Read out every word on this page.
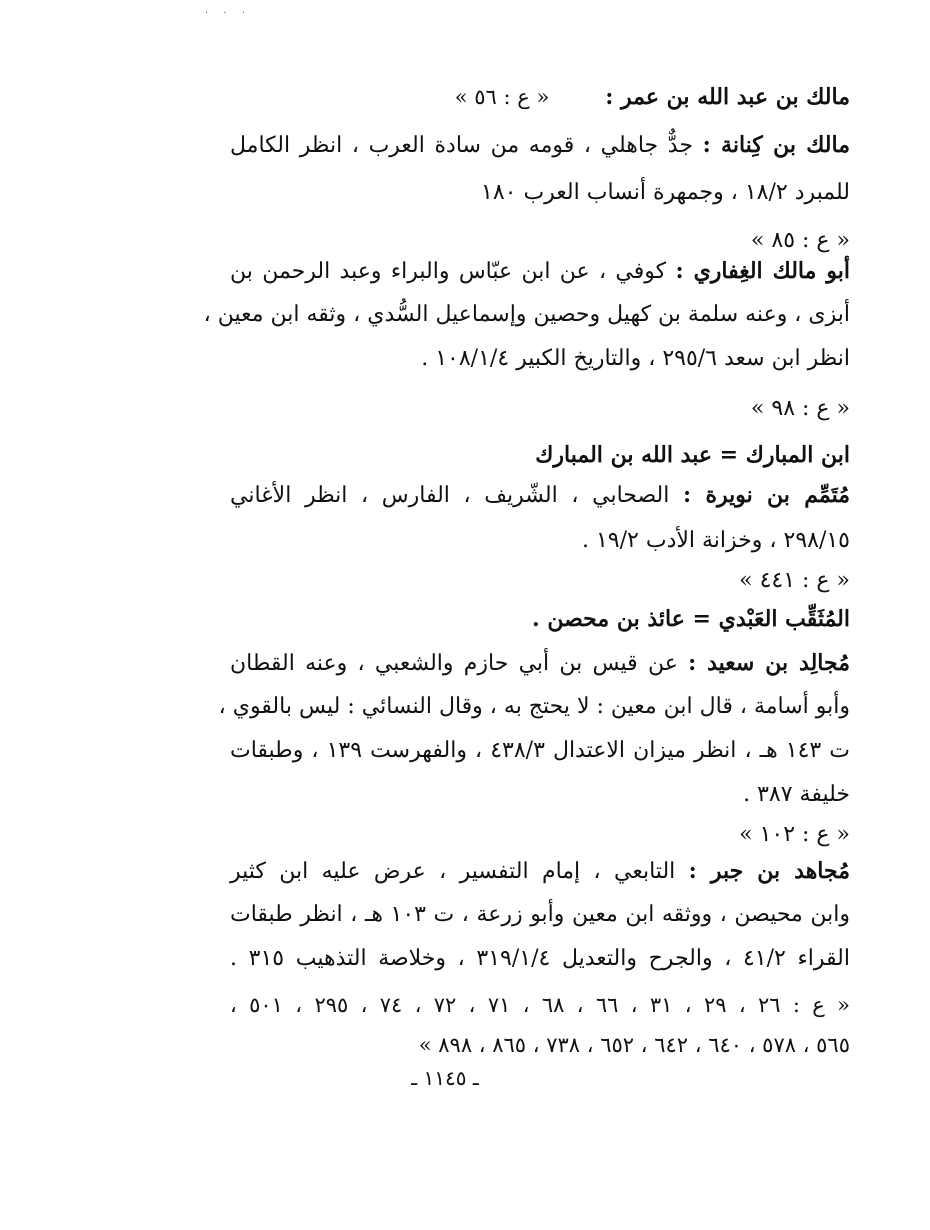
· · ·
مالك بن عبد الله بن عمر :        « ع : ٥٦ »
مالك بن كِنانة : جدٌّ جاهلي ، قومه من سادة العرب ، انظر الكامل
للمبرد ١٨/٢ ، وجمهرة أنساب العرب ١٨٠
« ع : ٨٥ »
أبو مالك الغِفاري : كوفي ، عن ابن عبّاس والبراء وعبد الرحمن بن
أبزى ، وعنه سلمة بن كهيل وحصين وإسماعيل السُّدي ، وثقه ابن معين ،
انظر ابن سعد ٢٩٥/٦ ، والتاريخ الكبير ١٠٨/١/٤ .
« ع : ٩٨ »
ابن المبارك = عبد الله بن المبارك
مُتَمِّم بن نويرة : الصحابي ، الشّريف ، الفارس ، انظر الأغاني
٢٩٨/١٥ ، وخزانة الأدب ١٩/٢ .
« ع : ٤٤١ »
المُثَقِّب العَبْدي = عائذ بن محصن .
مُجالِد بن سعيد : عن قيس بن أبي حازم والشعبي ، وعنه القطان
وأبو أسامة ، قال ابن معين : لا يحتج به ، وقال النسائي : ليس بالقوي ،
ت ١٤٣ هـ ، انظر ميزان الاعتدال ٤٣٨/٣ ، والفهرست ١٣٩ ، وطبقات
خليفة ٣٨٧ .
« ع : ١٠٢ »
مُجاهد بن جبر : التابعي ، إمام التفسير ، عرض عليه ابن كثير
وابن محيصن ، ووثقه ابن معين وأبو زرعة ، ت ١٠٣ هـ ، انظر طبقات
القراء ٤١/٢ ، والجرح والتعديل ٣١٩/١/٤ ، وخلاصة التذهيب ٣١٥ .
« ع : ٢٦ ، ٢٩ ، ٣١ ، ٦٦ ، ٦٨ ، ٧١ ، ٧٢ ، ٧٤ ، ٢٩٥ ، ٥٠١ ،
٥٦٥ ، ٥٧٨ ، ٦٤٠ ، ٦٤٢ ، ٦٥٢ ، ٧٣٨ ، ٨٦٥ ، ٨٩٨ »
ـ ١١٤٥ ـ
